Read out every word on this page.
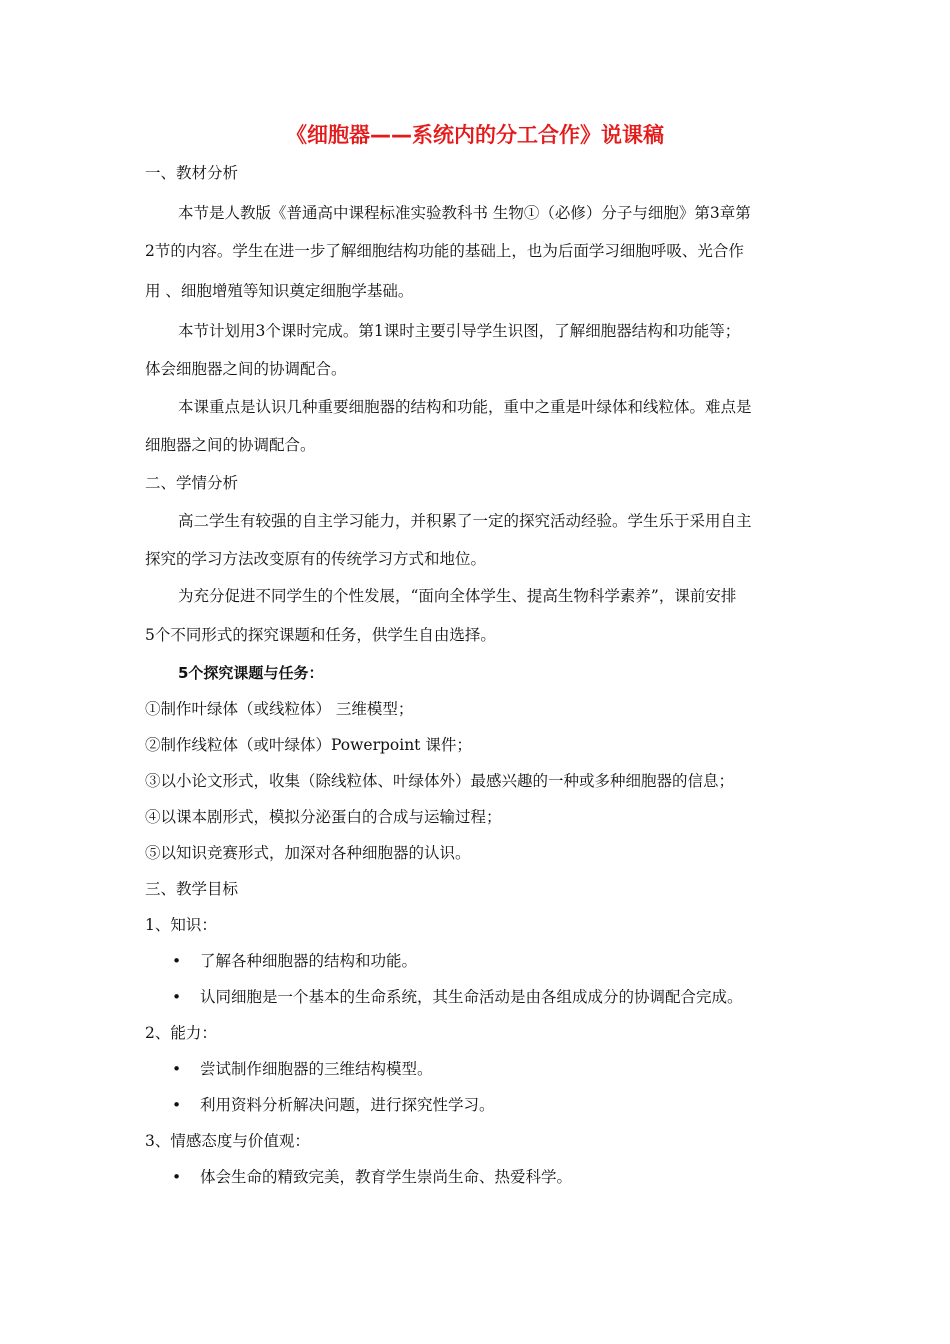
《细胞器——系统内的分工合作》说课稿

一、教材分析

本节是人教版《普通高中课程标准实验教科书 生物①（必修）分子与细胞》第3章第

2节的内容。学生在进一步了解细胞结构功能的基础上，也为后面学习细胞呼吸、光合作

用 、细胞增殖等知识奠定细胞学基础。

本节计划用3个课时完成。第1课时主要引导学生识图，了解细胞器结构和功能等；

体会细胞器之间的协调配合。

本课重点是认识几种重要细胞器的结构和功能，重中之重是叶绿体和线粒体。难点是

细胞器之间的协调配合。

二、学情分析

高二学生有较强的自主学习能力，并积累了一定的探究活动经验。学生乐于采用自主

探究的学习方法改变原有的传统学习方式和地位。

为充分促进不同学生的个性发展，“面向全体学生、提高生物科学素养”，课前安排

5个不同形式的探究课题和任务，供学生自由选择。

5个探究课题与任务：

①制作叶绿体（或线粒体） 三维模型；

②制作线粒体（或叶绿体）Powerpoint 课件；

③以小论文形式，收集（除线粒体、叶绿体外）最感兴趣的一种或多种细胞器的信息；

④以课本剧形式，模拟分泌蛋白的合成与运输过程；

⑤以知识竞赛形式，加深对各种细胞器的认识。

三、教学目标

1、知识：

• 了解各种细胞器的结构和功能。
• 认同细胞是一个基本的生命系统，其生命活动是由各组成成分的协调配合完成。

2、能力：

• 尝试制作细胞器的三维结构模型。
• 利用资料分析解决问题，进行探究性学习。

3、情感态度与价值观：

• 体会生命的精致完美，教育学生崇尚生命、热爱科学。
